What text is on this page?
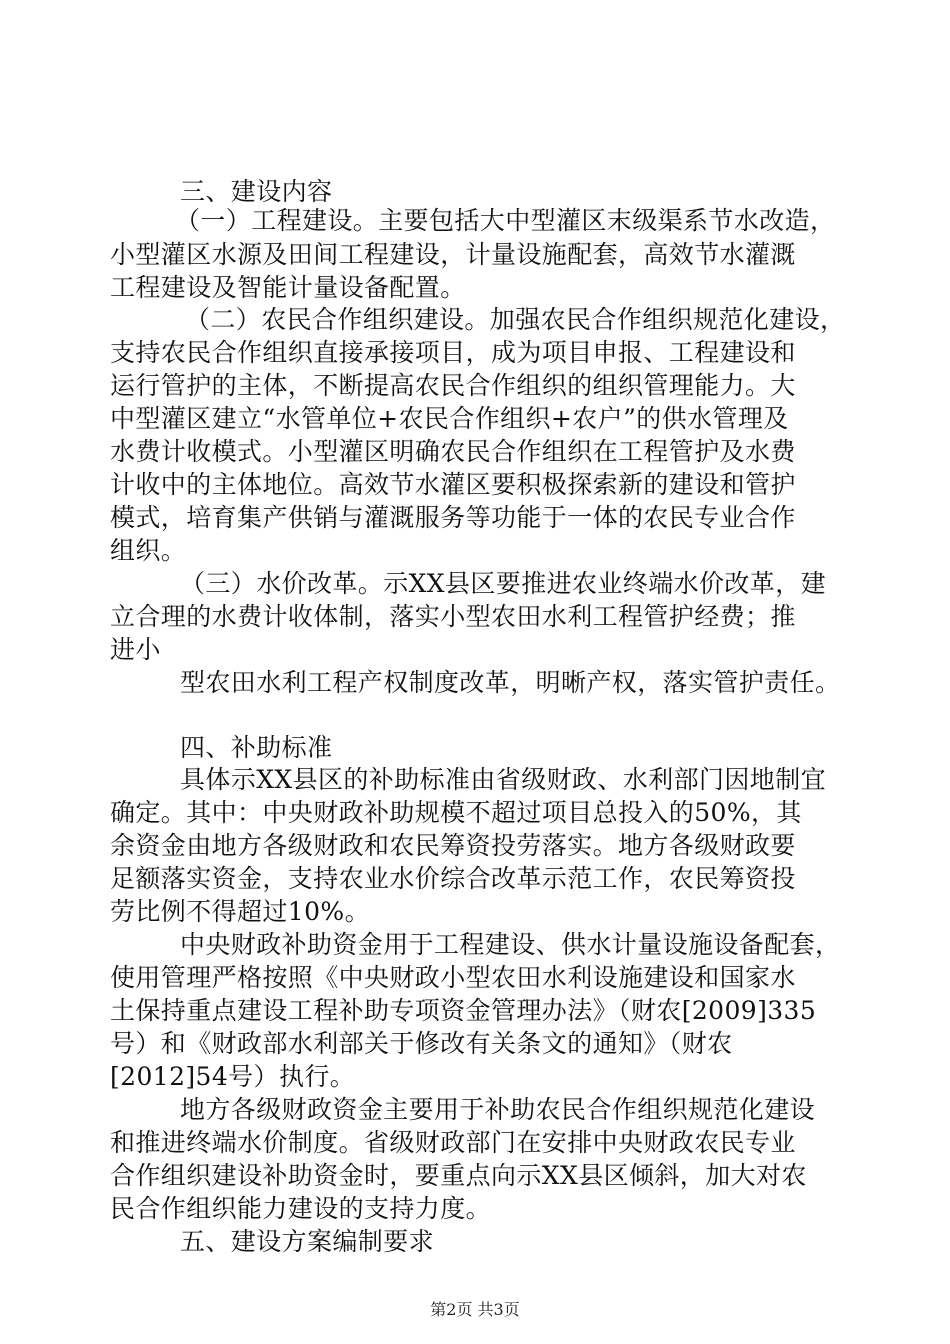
三、建设内容
（一）工程建设。主要包括大中型灌区末级渠系节水改造，
小型灌区水源及田间工程建设，计量设施配套，高效节水灌溉
工程建设及智能计量设备配置。
（二）农民合作组织建设。加强农民合作组织规范化建设，
支持农民合作组织直接承接项目，成为项目申报、工程建设和
运行管护的主体，不断提高农民合作组织的组织管理能力。大
中型灌区建立“水管单位+农民合作组织+农户”的供水管理及
水费计收模式。小型灌区明确农民合作组织在工程管护及水费
计收中的主体地位。高效节水灌区要积极探索新的建设和管护
模式，培育集产供销与灌溉服务等功能于一体的农民专业合作
组织。
（三）水价改革。示XX县区要推进农业终端水价改革，建
立合理的水费计收体制，落实小型农田水利工程管护经费；推
进小
型农田水利工程产权制度改革，明晰产权，落实管护责任。
四、补助标准
具体示XX县区的补助标准由省级财政、水利部门因地制宜
确定。其中：中央财政补助规模不超过项目总投入的50%，其
余资金由地方各级财政和农民筹资投劳落实。地方各级财政要
足额落实资金，支持农业水价综合改革示范工作，农民筹资投
劳比例不得超过10%。
中央财政补助资金用于工程建设、供水计量设施设备配套，
使用管理严格按照《中央财政小型农田水利设施建设和国家水
土保持重点建设工程补助专项资金管理办法》（财农[2009]335
号）和《财政部水利部关于修改有关条文的通知》（财农
[2012]54号）执行。
地方各级财政资金主要用于补助农民合作组织规范化建设
和推进终端水价制度。省级财政部门在安排中央财政农民专业
合作组织建设补助资金时，要重点向示XX县区倾斜，加大对农
民合作组织能力建设的支持力度。
五、建设方案编制要求
第2页 共3页
